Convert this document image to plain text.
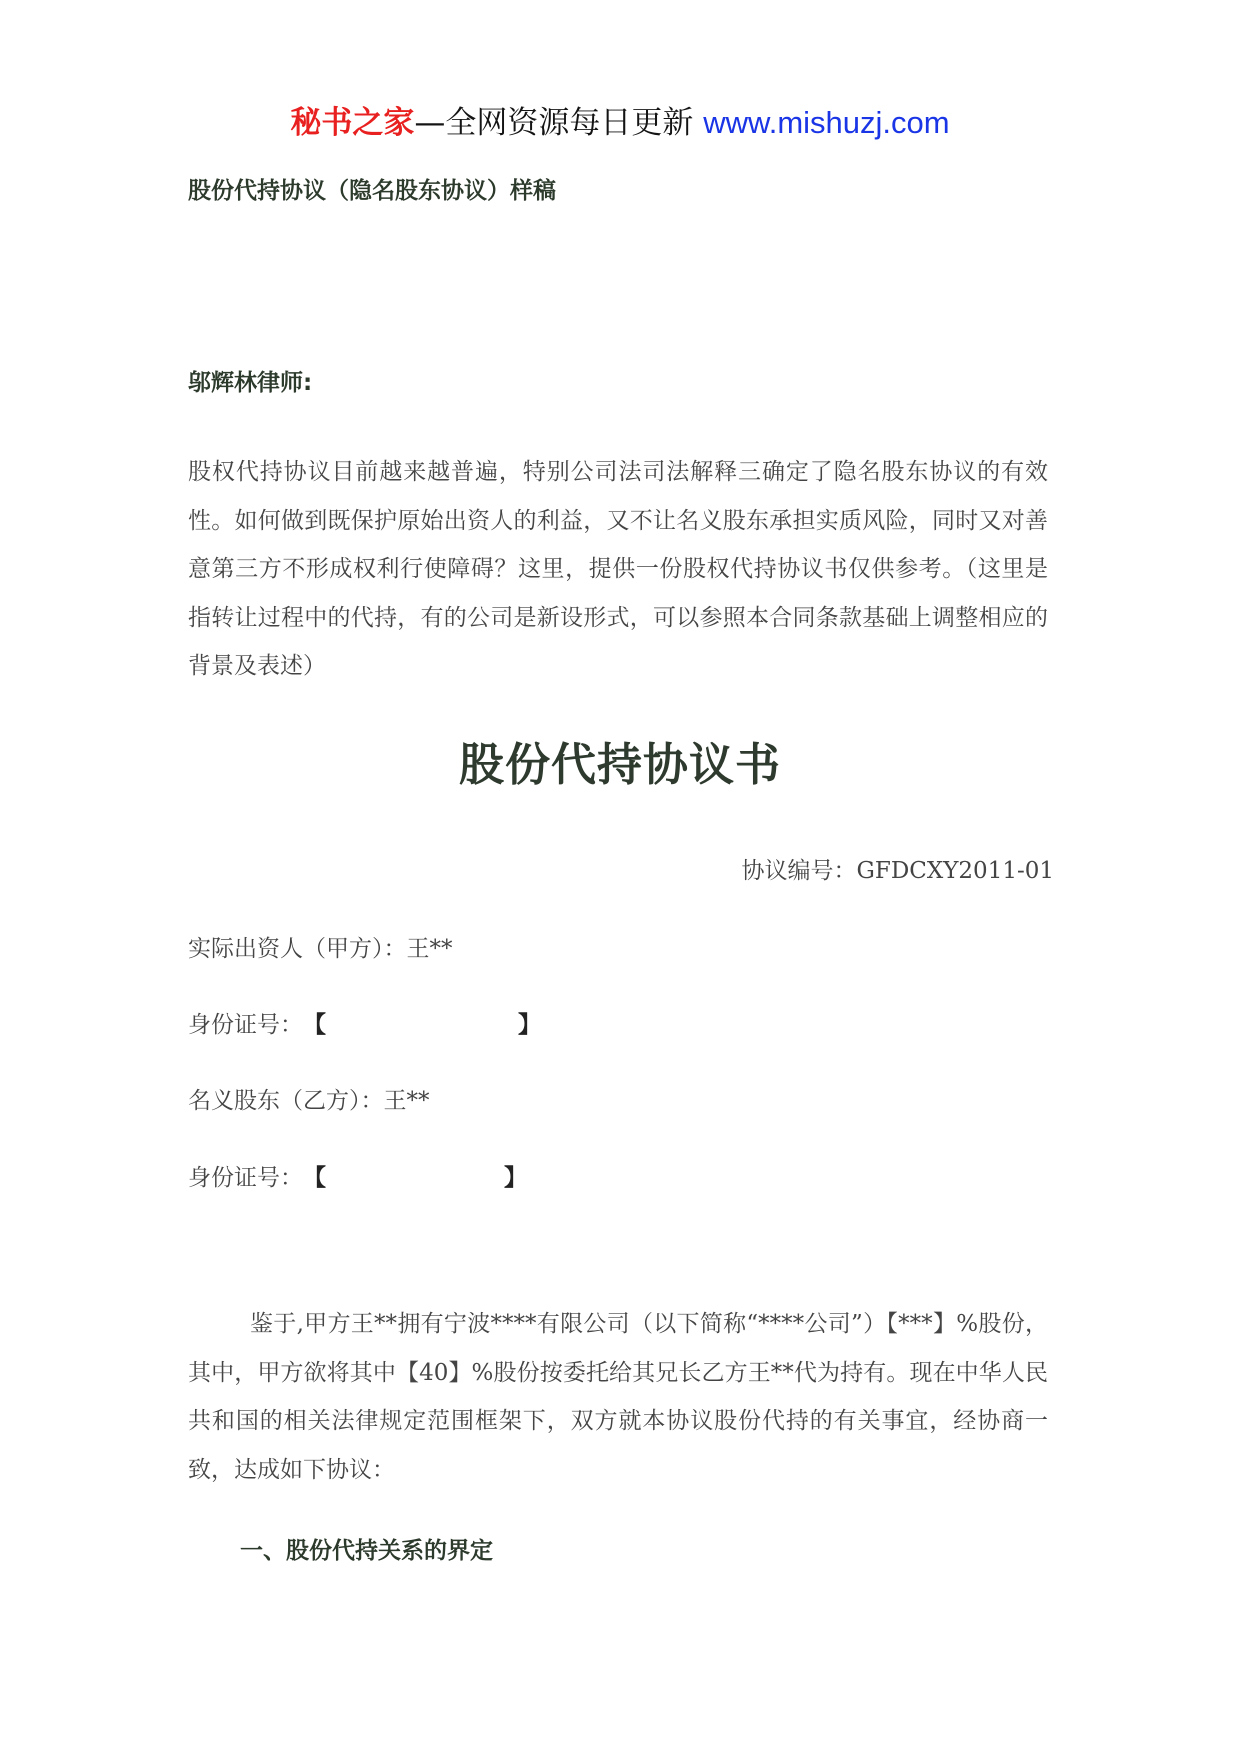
秘书之家—全网资源每日更新 www.mishuzj.com
股份代持协议（隐名股东协议）样稿
邬辉林律师:

股权代持协议目前越来越普遍，特别公司法司法解释三确定了隐名股东协议的有效性。如何做到既保护原始出资人的利益，又不让名义股东承担实质风险，同时又对善意第三方不形成权利行使障碍？这里，提供一份股权代持协议书仅供参考。（这里是指转让过程中的代持，有的公司是新设形式，可以参照本合同条款基础上调整相应的背景及表述）

股份代持协议书
协议编号：GFDCXY2011-01
实际出资人（甲方）：王**
身份证号：【	】
名义股东（乙方）：王**
身份证号：【	】

鉴于,甲方王**拥有宁波****有限公司（以下简称“****公司”）【***】%股份，其中，甲方欲将其中【40】%股份按委托给其兄长乙方王**代为持有。现在中华人民共和国的相关法律规定范围框架下，双方就本协议股份代持的有关事宜，经协商一致，达成如下协议：

一、股份代持关系的界定
